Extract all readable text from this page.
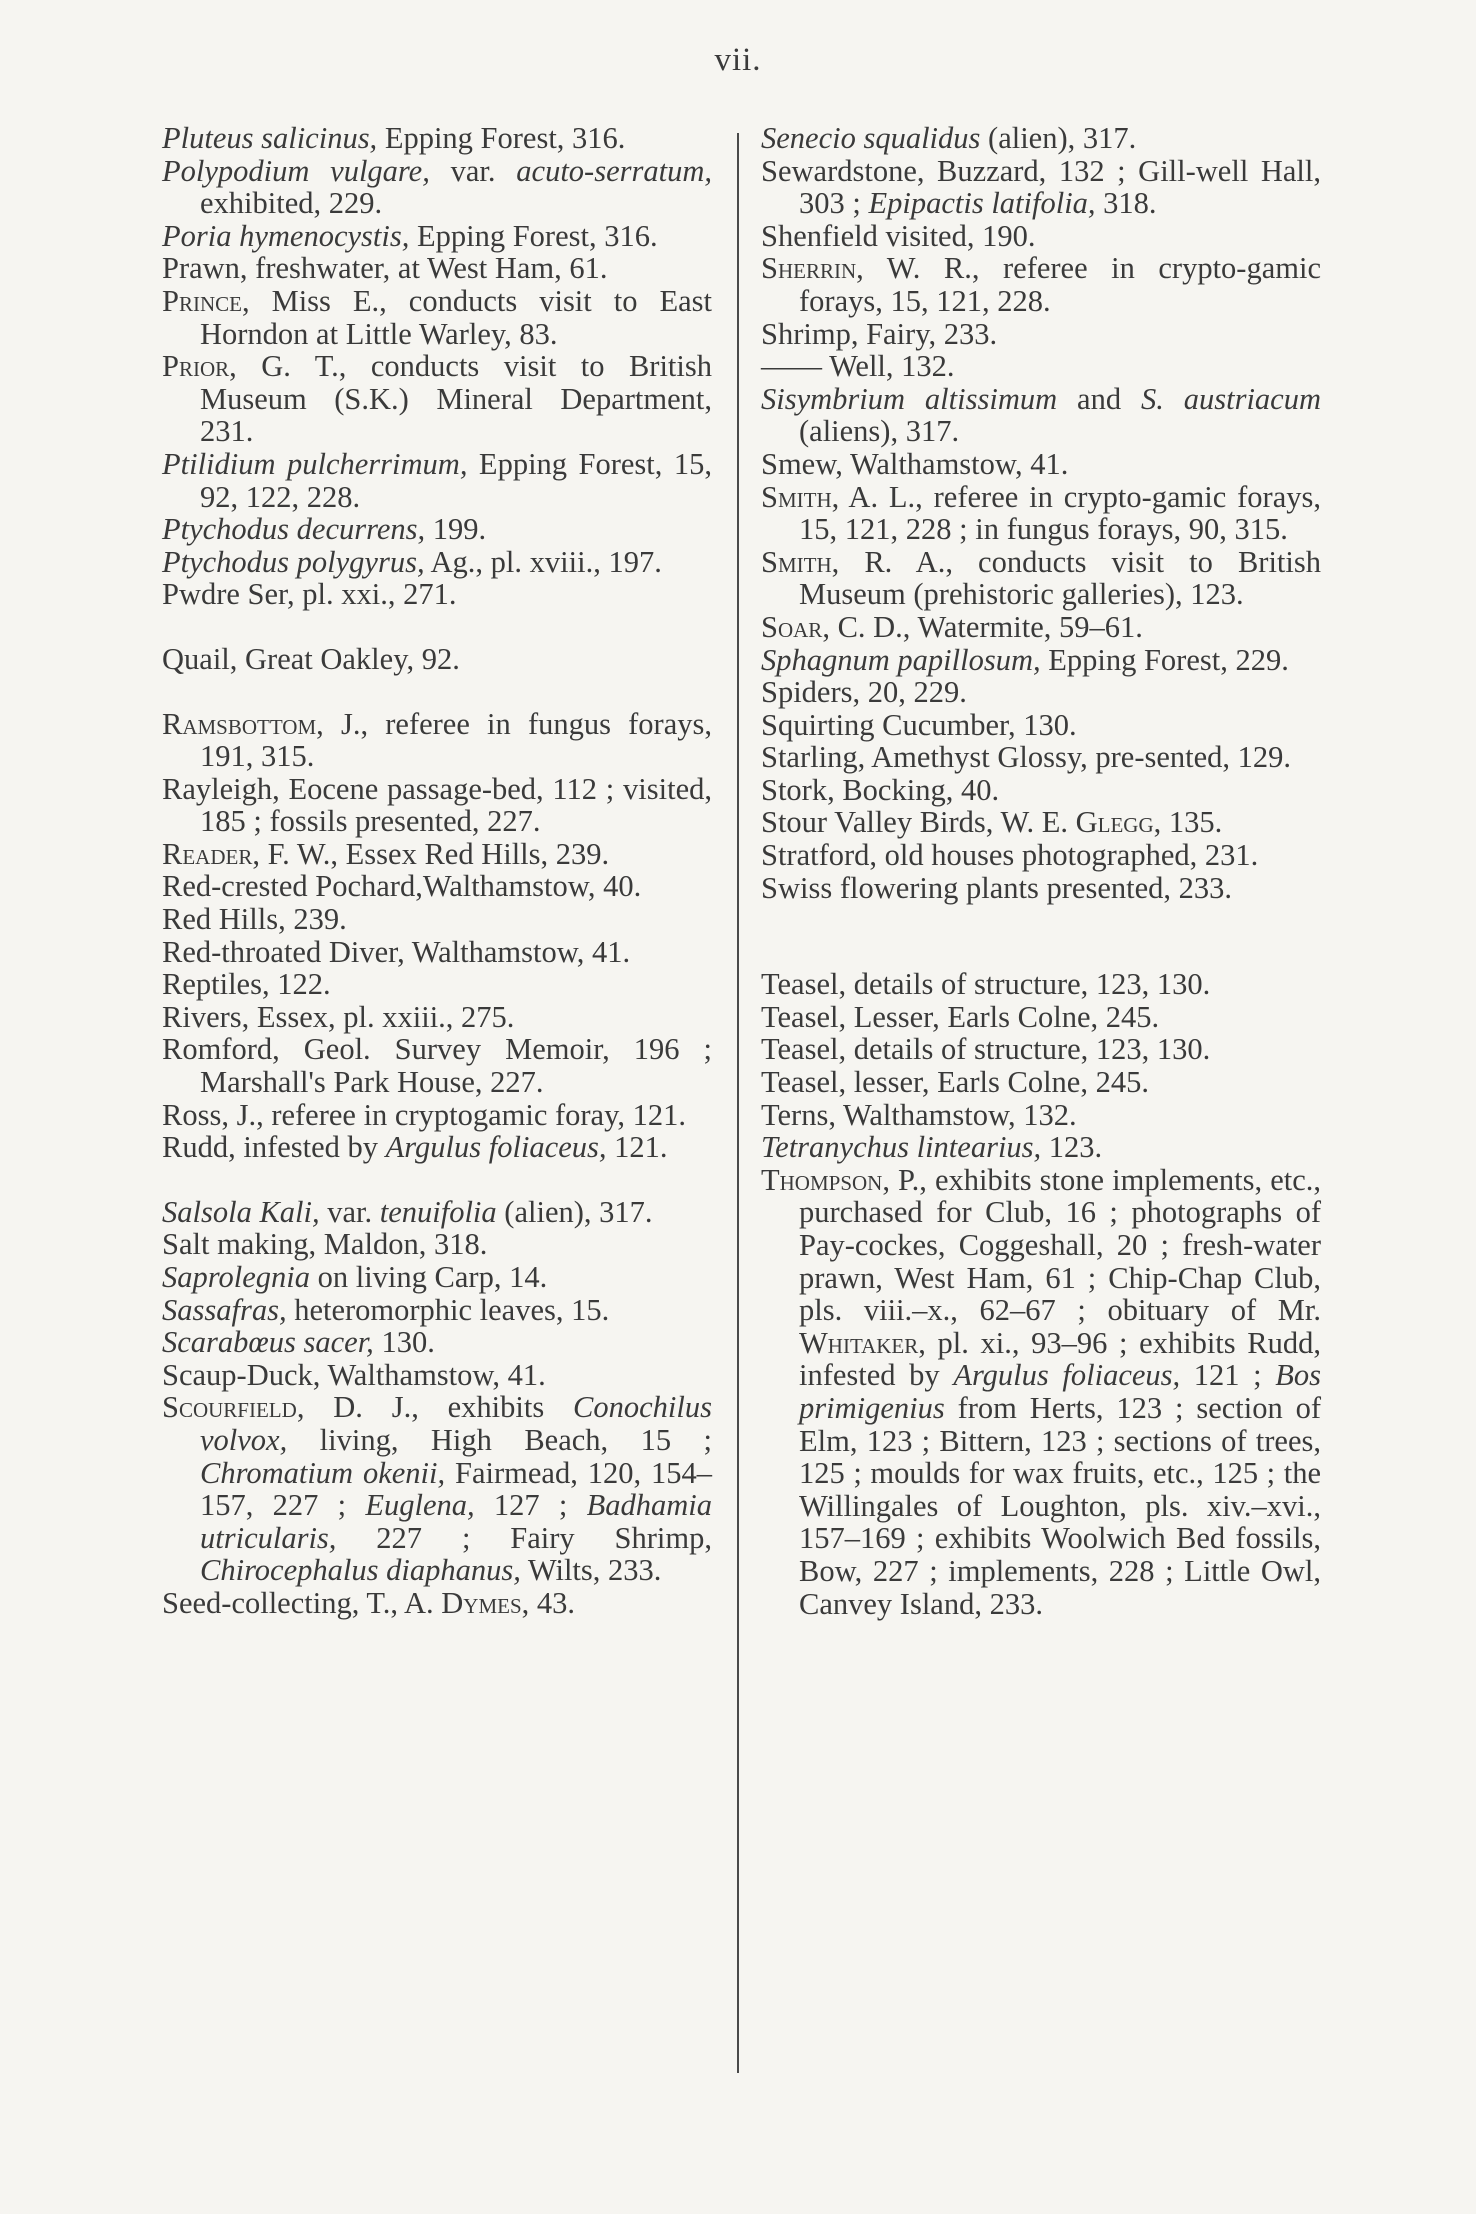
vii.
Pluteus salicinus, Epping Forest, 316.
Polypodium vulgare, var. acuto-serratum, exhibited, 229.
Poria hymenocystis, Epping Forest, 316.
Prawn, freshwater, at West Ham, 61.
Prince, Miss E., conducts visit to East Horndon at Little Warley, 83.
Prior, G. T., conducts visit to British Museum (S.K.) Mineral Department, 231.
Ptilidium pulcherrimum, Epping Forest, 15, 92, 122, 228.
Ptychodus decurrens, 199.
Ptychodus polygyrus, Ag., pl. xviii., 197.
Pwdre Ser, pl. xxi., 271.
Quail, Great Oakley, 92.
Ramsbottom, J., referee in fungus forays, 191, 315.
Rayleigh, Eocene passage-bed, 112 ; visited, 185 ; fossils presented, 227.
Reader, F. W., Essex Red Hills, 239.
Red-crested Pochard,Walthamstow, 40.
Red Hills, 239.
Red-throated Diver, Walthamstow, 41.
Reptiles, 122.
Rivers, Essex, pl. xxiii., 275.
Romford, Geol. Survey Memoir, 196 ; Marshall's Park House, 227.
Ross, J., referee in cryptogamic foray, 121.
Rudd, infested by Argulus foliaceus, 121.
Salsola Kali, var. tenuifolia (alien), 317.
Salt making, Maldon, 318.
Saprolegnia on living Carp, 14.
Sassafras, heteromorphic leaves, 15.
Scarabœus sacer, 130.
Scaup-Duck, Walthamstow, 41.
Scourfield, D. J., exhibits Conochilus volvox, living, High Beach, 15 ; Chromatium okenii, Fairmead, 120, 154–157, 227 ; Euglena, 127 ; Badhamia utricularis, 227 ; Fairy Shrimp, Chirocephalus diaphanus, Wilts, 233.
Seed-collecting, T., A. Dymes, 43.
Senecio squalidus (alien), 317.
Sewardstone, Buzzard, 132 ; Gill-well Hall, 303 ; Epipactis latifolia, 318.
Shenfield visited, 190.
Sherrin, W. R., referee in crypto-gamic forays, 15, 121, 228.
Shrimp, Fairy, 233.
—— Well, 132.
Sisymbrium altissimum and S. austriacum (aliens), 317.
Smew, Walthamstow, 41.
Smith, A. L., referee in crypto-gamic forays, 15, 121, 228 ; in fungus forays, 90, 315.
Smith, R. A., conducts visit to British Museum (prehistoric galleries), 123.
Soar, C. D., Watermite, 59–61.
Sphagnum papillosum, Epping Forest, 229.
Spiders, 20, 229.
Squirting Cucumber, 130.
Starling, Amethyst Glossy, pre-sented, 129.
Stork, Bocking, 40.
Stour Valley Birds, W. E. Glegg, 135.
Stratford, old houses photographed, 231.
Swiss flowering plants presented, 233.
Teasel, details of structure, 123, 130.
Teasel, Lesser, Earls Colne, 245.
Teasel, details of structure, 123, 130.
Teasel, lesser, Earls Colne, 245.
Terns, Walthamstow, 132.
Tetranychus lintearius, 123.
Thompson, P., exhibits stone implements, etc., purchased for Club, 16 ; photographs of Pay-cockes, Coggeshall, 20 ; fresh-water prawn, West Ham, 61 ; Chip-Chap Club, pls. viii.–x., 62–67 ; obituary of Mr. Whitaker, pl. xi., 93–96 ; exhibits Rudd, infested by Argulus foliaceus, 121 ; Bos primigenius from Herts, 123 ; section of Elm, 123 ; Bittern, 123 ; sections of trees, 125 ; moulds for wax fruits, etc., 125 ; the Willingales of Loughton, pls. xiv.–xvi., 157–169 ; exhibits Woolwich Bed fossils, Bow, 227 ; implements, 228 ; Little Owl, Canvey Island, 233.
